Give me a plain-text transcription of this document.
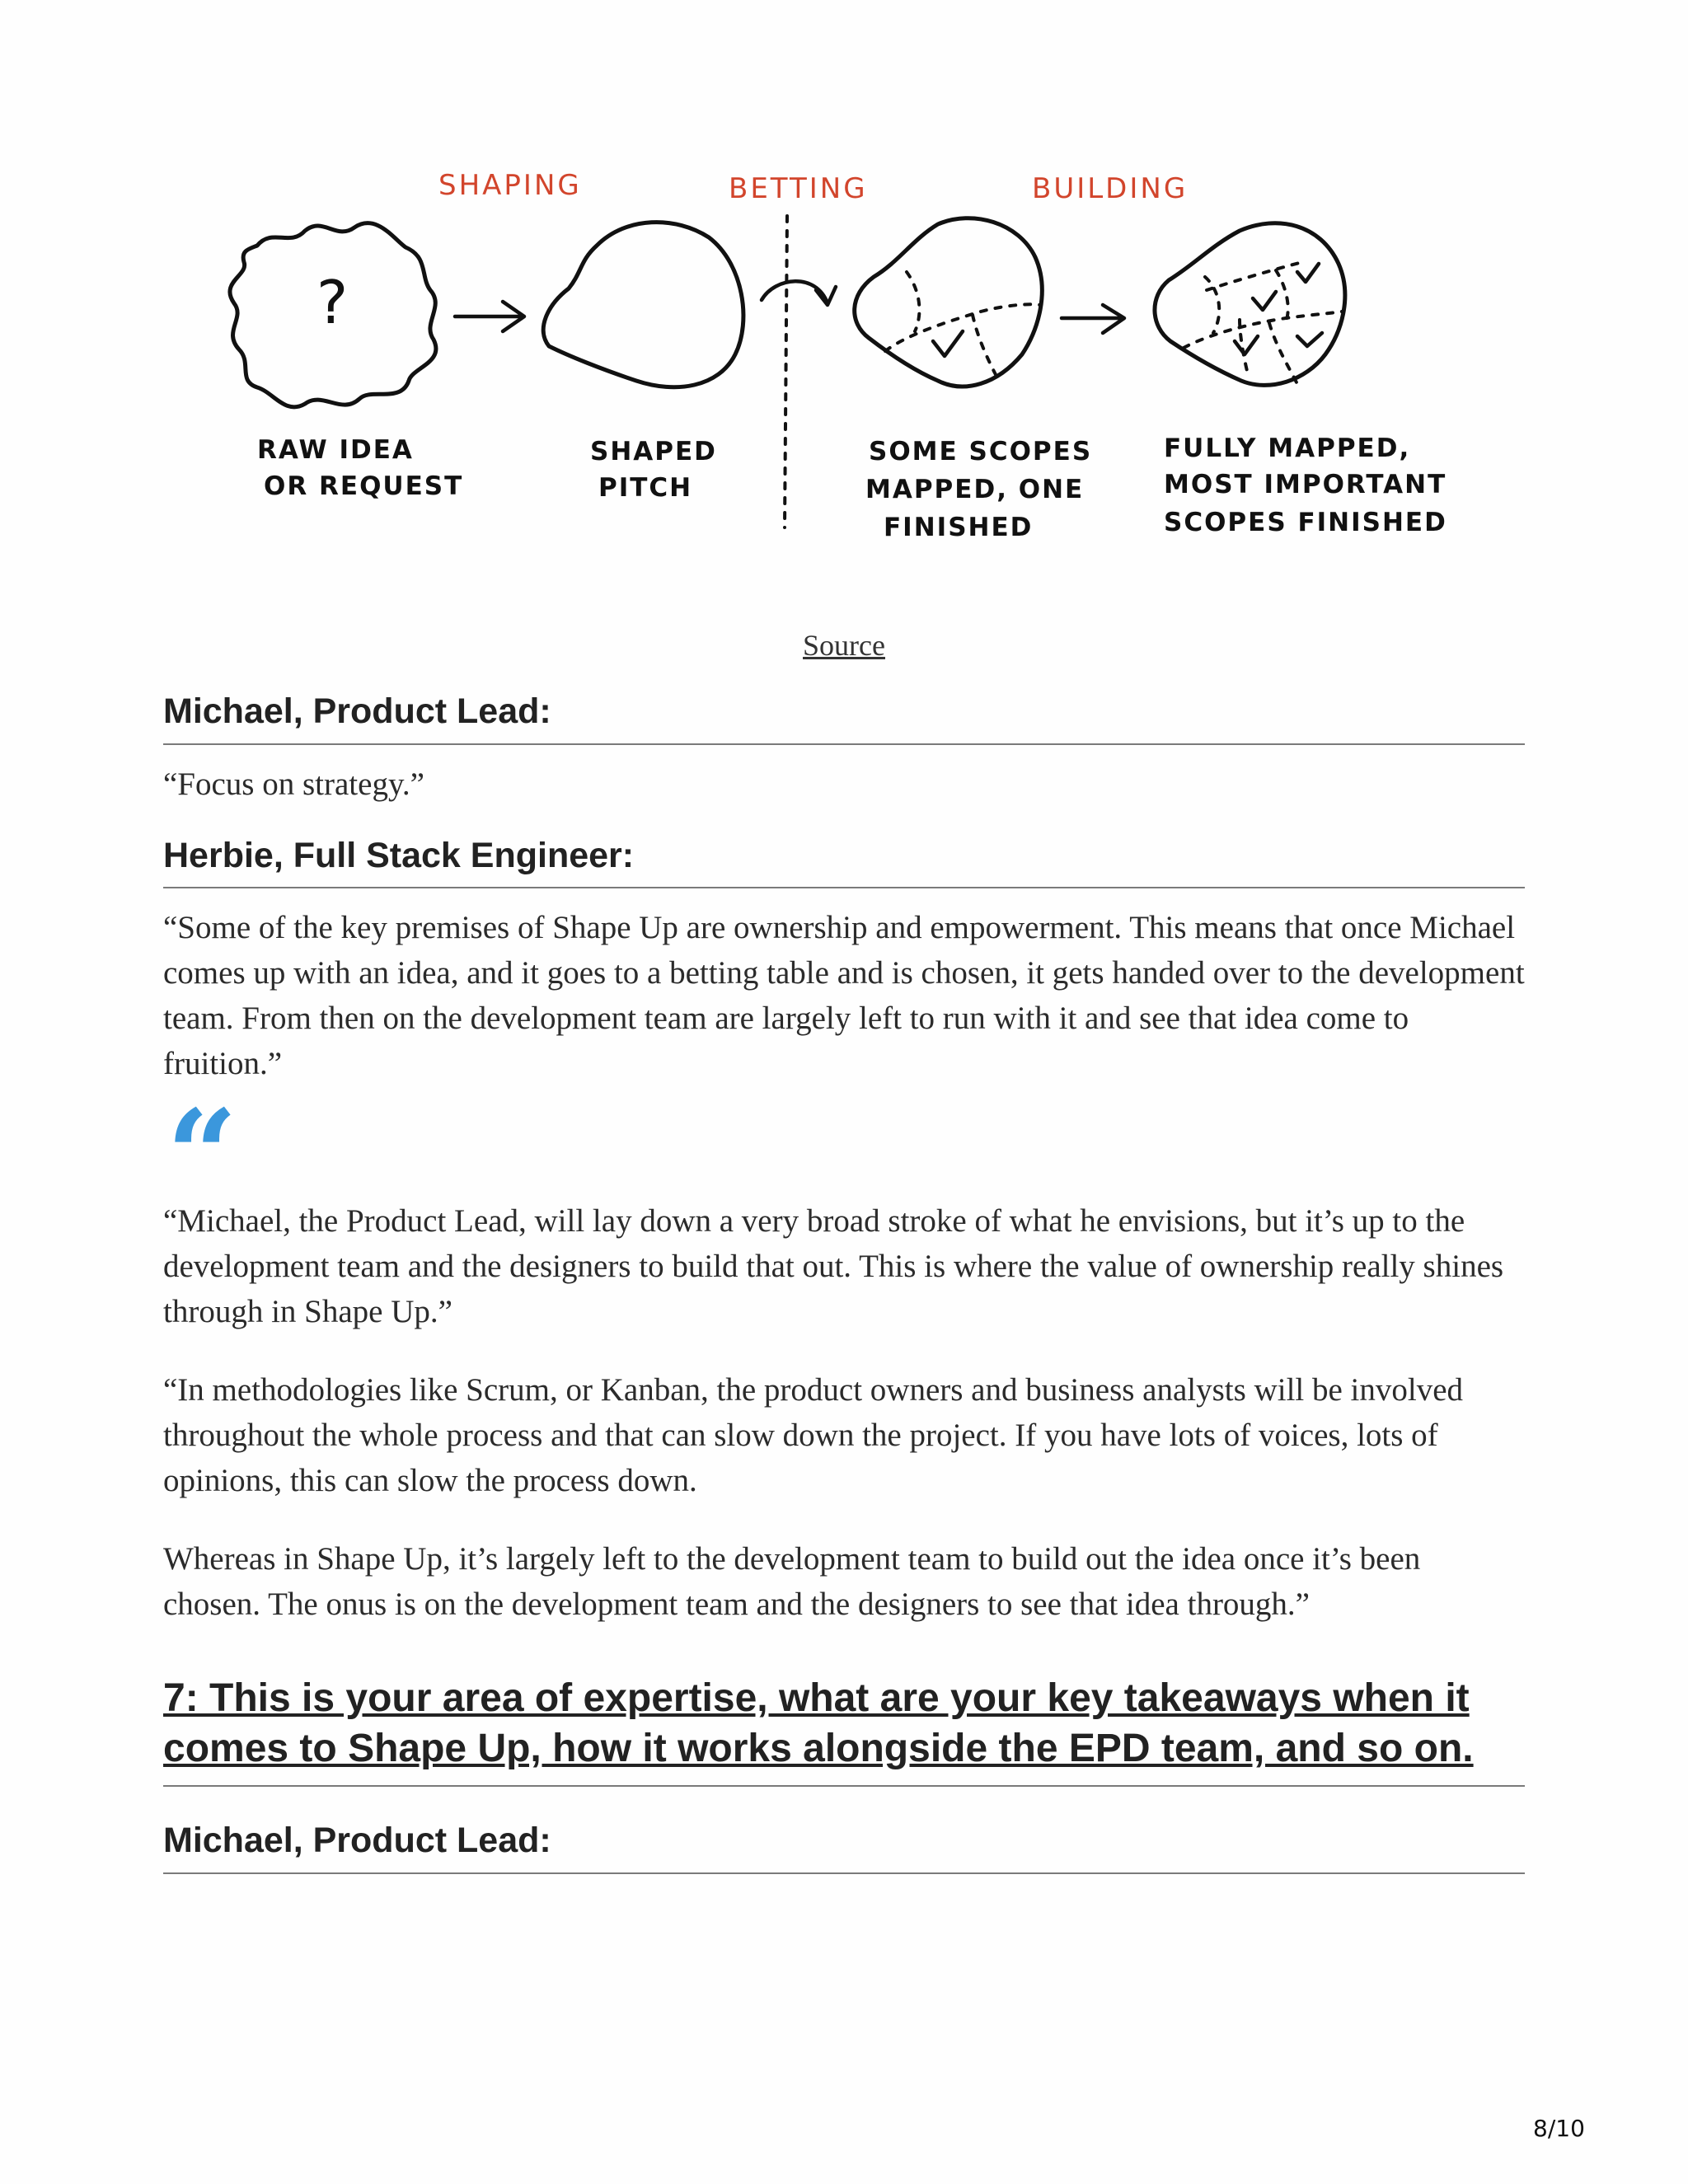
SHAPING	BETTING	BUILDING
?
RAW IDEA
OR REQUEST
SHAPED
PITCH
SOME SCOPES
MAPPED, ONE
FINISHED
FULLY MAPPED,
MOST IMPORTANT
SCOPES FINISHED
Source
Michael, Product Lead:

“Focus on strategy.”

Herbie, Full Stack Engineer:

“Some of the key premises of Shape Up are ownership and empowerment. This means that once Michael comes up with an idea, and it goes to a betting table and is chosen, it gets handed over to the development team. From then on the development team are largely left to run with it and see that idea come to fruition.”

“

“Michael, the Product Lead, will lay down a very broad stroke of what he envisions, but it’s up to the development team and the designers to build that out. This is where the value of ownership really shines through in Shape Up.”

“In methodologies like Scrum, or Kanban, the product owners and business analysts will be involved throughout the whole process and that can slow down the project. If you have lots of voices, lots of opinions, this can slow the process down.

Whereas in Shape Up, it’s largely left to the development team to build out the idea once it’s been chosen. The onus is on the development team and the designers to see that idea through.”

7: This is your area of expertise, what are your key takeaways when it comes to Shape Up, how it works alongside the EPD team, and so on.
Michael, Product Lead:
8/10
